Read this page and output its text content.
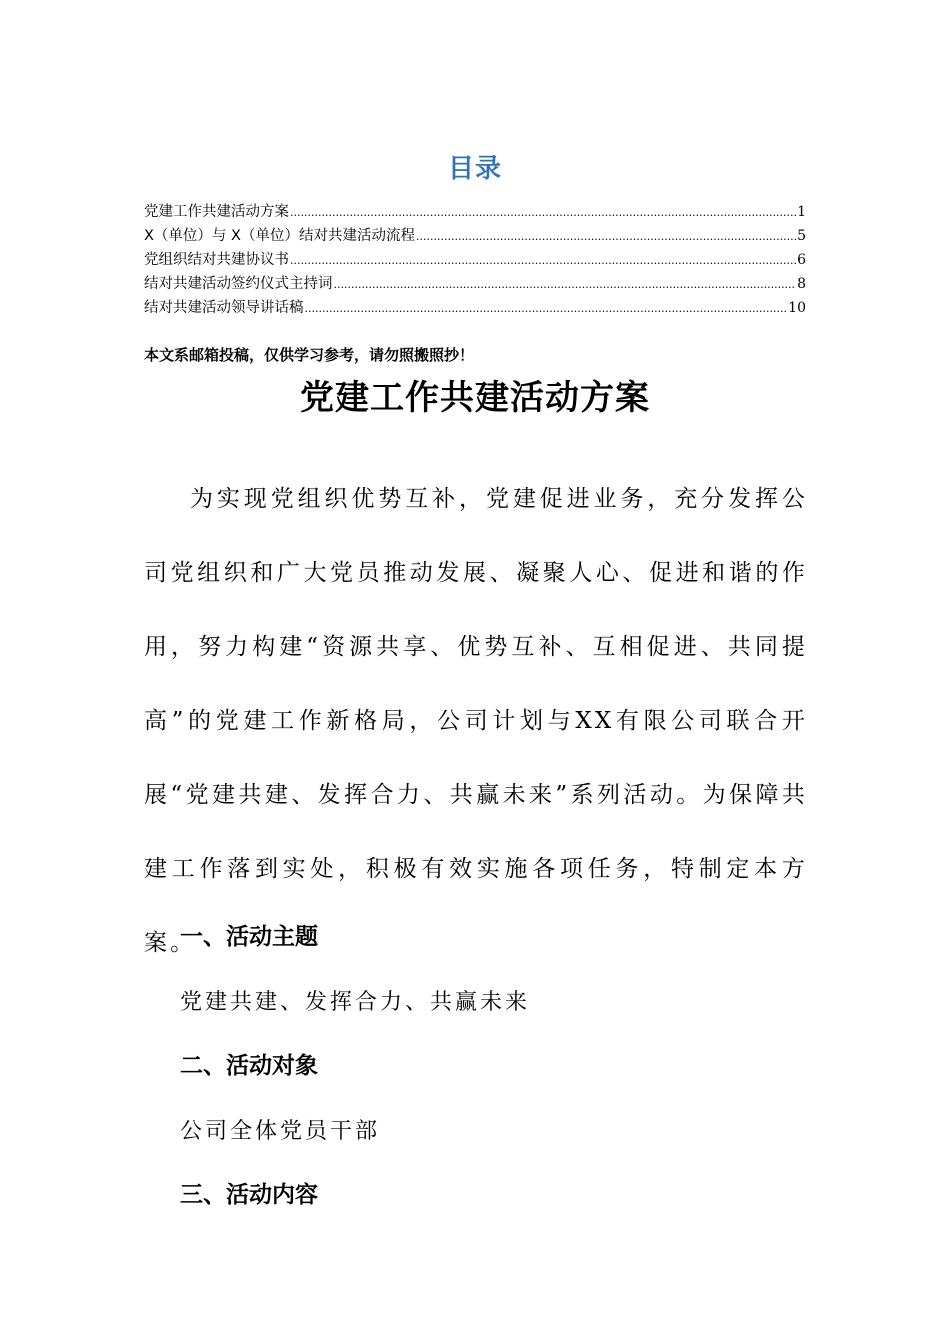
目录
党建工作共建活动方案 .....	1
X（单位）与 X（单位）结对共建活动流程 .....	5
党组织结对共建协议书 .....	6
结对共建活动签约仪式主持词 .....	8
结对共建活动领导讲话稿 .....	10
本文系邮箱投稿，仅供学习参考，请勿照搬照抄！
党建工作共建活动方案
为实现党组织优势互补，党建促进业务，充分发挥公司党组织和广大党员推动发展、凝聚人心、促进和谐的作用，努力构建“资源共享、优势互补、互相促进、共同提高”的党建工作新格局，公司计划与XX有限公司联合开展“党建共建、发挥合力、共赢未来”系列活动。为保障共建工作落到实处，积极有效实施各项任务，特制定本方案。
一、活动主题
党建共建、发挥合力、共赢未来
二、活动对象
公司全体党员干部
三、活动内容
